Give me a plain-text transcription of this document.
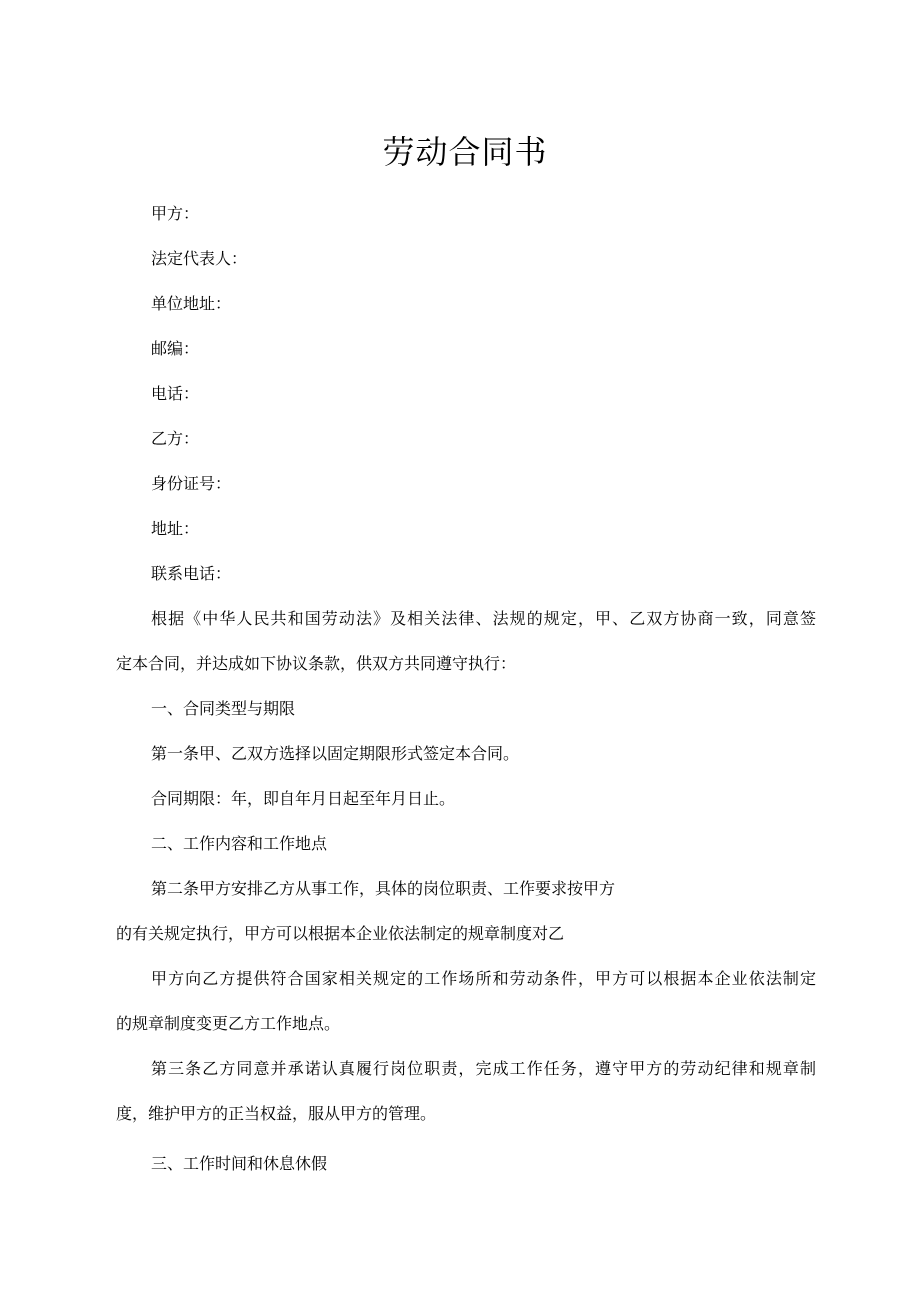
劳动合同书
甲方：
法定代表人：
单位地址：
邮编：
电话：
乙方：
身份证号：
地址：
联系电话：
根据《中华人民共和国劳动法》及相关法律、法规的规定，甲、乙双方协商一致，同意签
定本合同，并达成如下协议条款，供双方共同遵守执行：
一、合同类型与期限
第一条甲、乙双方选择以固定期限形式签定本合同。
合同期限：年，即自年月日起至年月日止。
二、工作内容和工作地点
第二条甲方安排乙方从事工作，具体的岗位职责、工作要求按甲方
的有关规定执行，甲方可以根据本企业依法制定的规章制度对乙
甲方向乙方提供符合国家相关规定的工作场所和劳动条件，甲方可以根据本企业依法制定
的规章制度变更乙方工作地点。
第三条乙方同意并承诺认真履行岗位职责，完成工作任务，遵守甲方的劳动纪律和规章制
度，维护甲方的正当权益，服从甲方的管理。
三、工作时间和休息休假
